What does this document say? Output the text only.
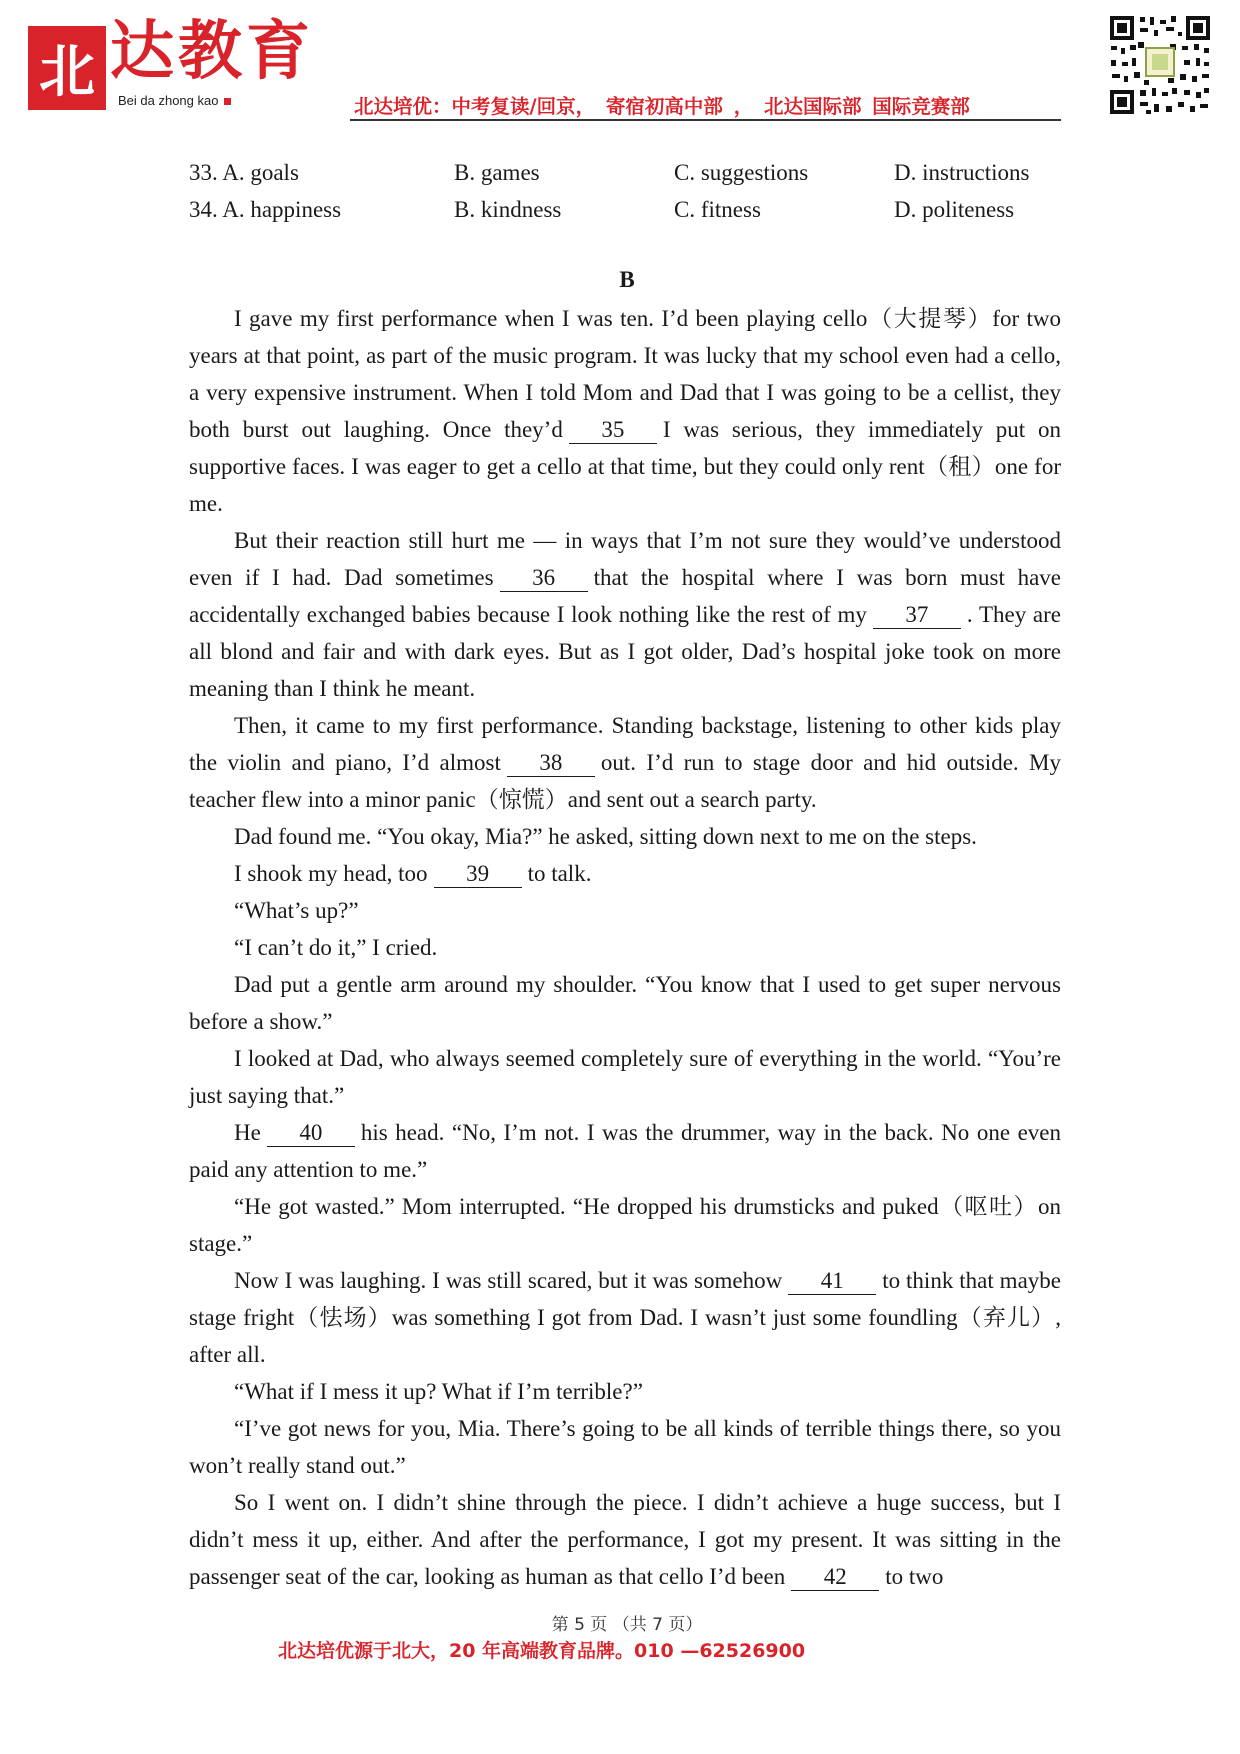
北 达教育
Bei da zhong kao	北达培优：中考复读/回京， 寄宿初高中部 ， 北达国际部 国际竞赛部
33. A. goals	B. games	C. suggestions	D. instructions
34. A. happiness	B. kindness	C. fitness	D. politeness
B

I gave my first performance when I was ten. I’d been playing cello（大提琴）for two years at that point, as part of the music program. It was lucky that my school even had a cello, a very expensive instrument. When I told Mom and Dad that I was going to be a cellist, they both burst out laughing. Once they’d 35 I was serious, they immediately put on supportive faces. I was eager to get a cello at that time, but they could only rent（租）one for me.

But their reaction still hurt me — in ways that I’m not sure they would’ve understood even if I had. Dad sometimes 36 that the hospital where I was born must have accidentally exchanged babies because I look nothing like the rest of my 37 . They are all blond and fair and with dark eyes. But as I got older, Dad’s hospital joke took on more meaning than I think he meant.

Then, it came to my first performance. Standing backstage, listening to other kids play the violin and piano, I’d almost 38 out. I’d run to stage door and hid outside. My teacher flew into a minor panic（惊慌）and sent out a search party.

Dad found me. “You okay, Mia?” he asked, sitting down next to me on the steps.

I shook my head, too 39 to talk.

“What’s up?”

“I can’t do it,” I cried.

Dad put a gentle arm around my shoulder. “You know that I used to get super nervous before a show.”

I looked at Dad, who always seemed completely sure of everything in the world. “You’re just saying that.”

He 40 his head. “No, I’m not. I was the drummer, way in the back. No one even paid any attention to me.”

“He got wasted.” Mom interrupted. “He dropped his drumsticks and puked（呕吐）on stage.”

Now I was laughing. I was still scared, but it was somehow 41 to think that maybe stage fright（怯场）was something I got from Dad. I wasn’t just some foundling（弃儿）, after all.

“What if I mess it up? What if I’m terrible?”

“I’ve got news for you, Mia. There’s going to be all kinds of terrible things there, so you won’t really stand out.”

So I went on. I didn’t shine through the piece. I didn’t achieve a huge success, but I didn’t mess it up, either. And after the performance, I got my present. It was sitting in the passenger seat of the car, looking as human as that cello I’d been 42 to two

第 5 页 （共 7 页）
北达培优源于北大，20 年高端教育品牌。010 —62526900
